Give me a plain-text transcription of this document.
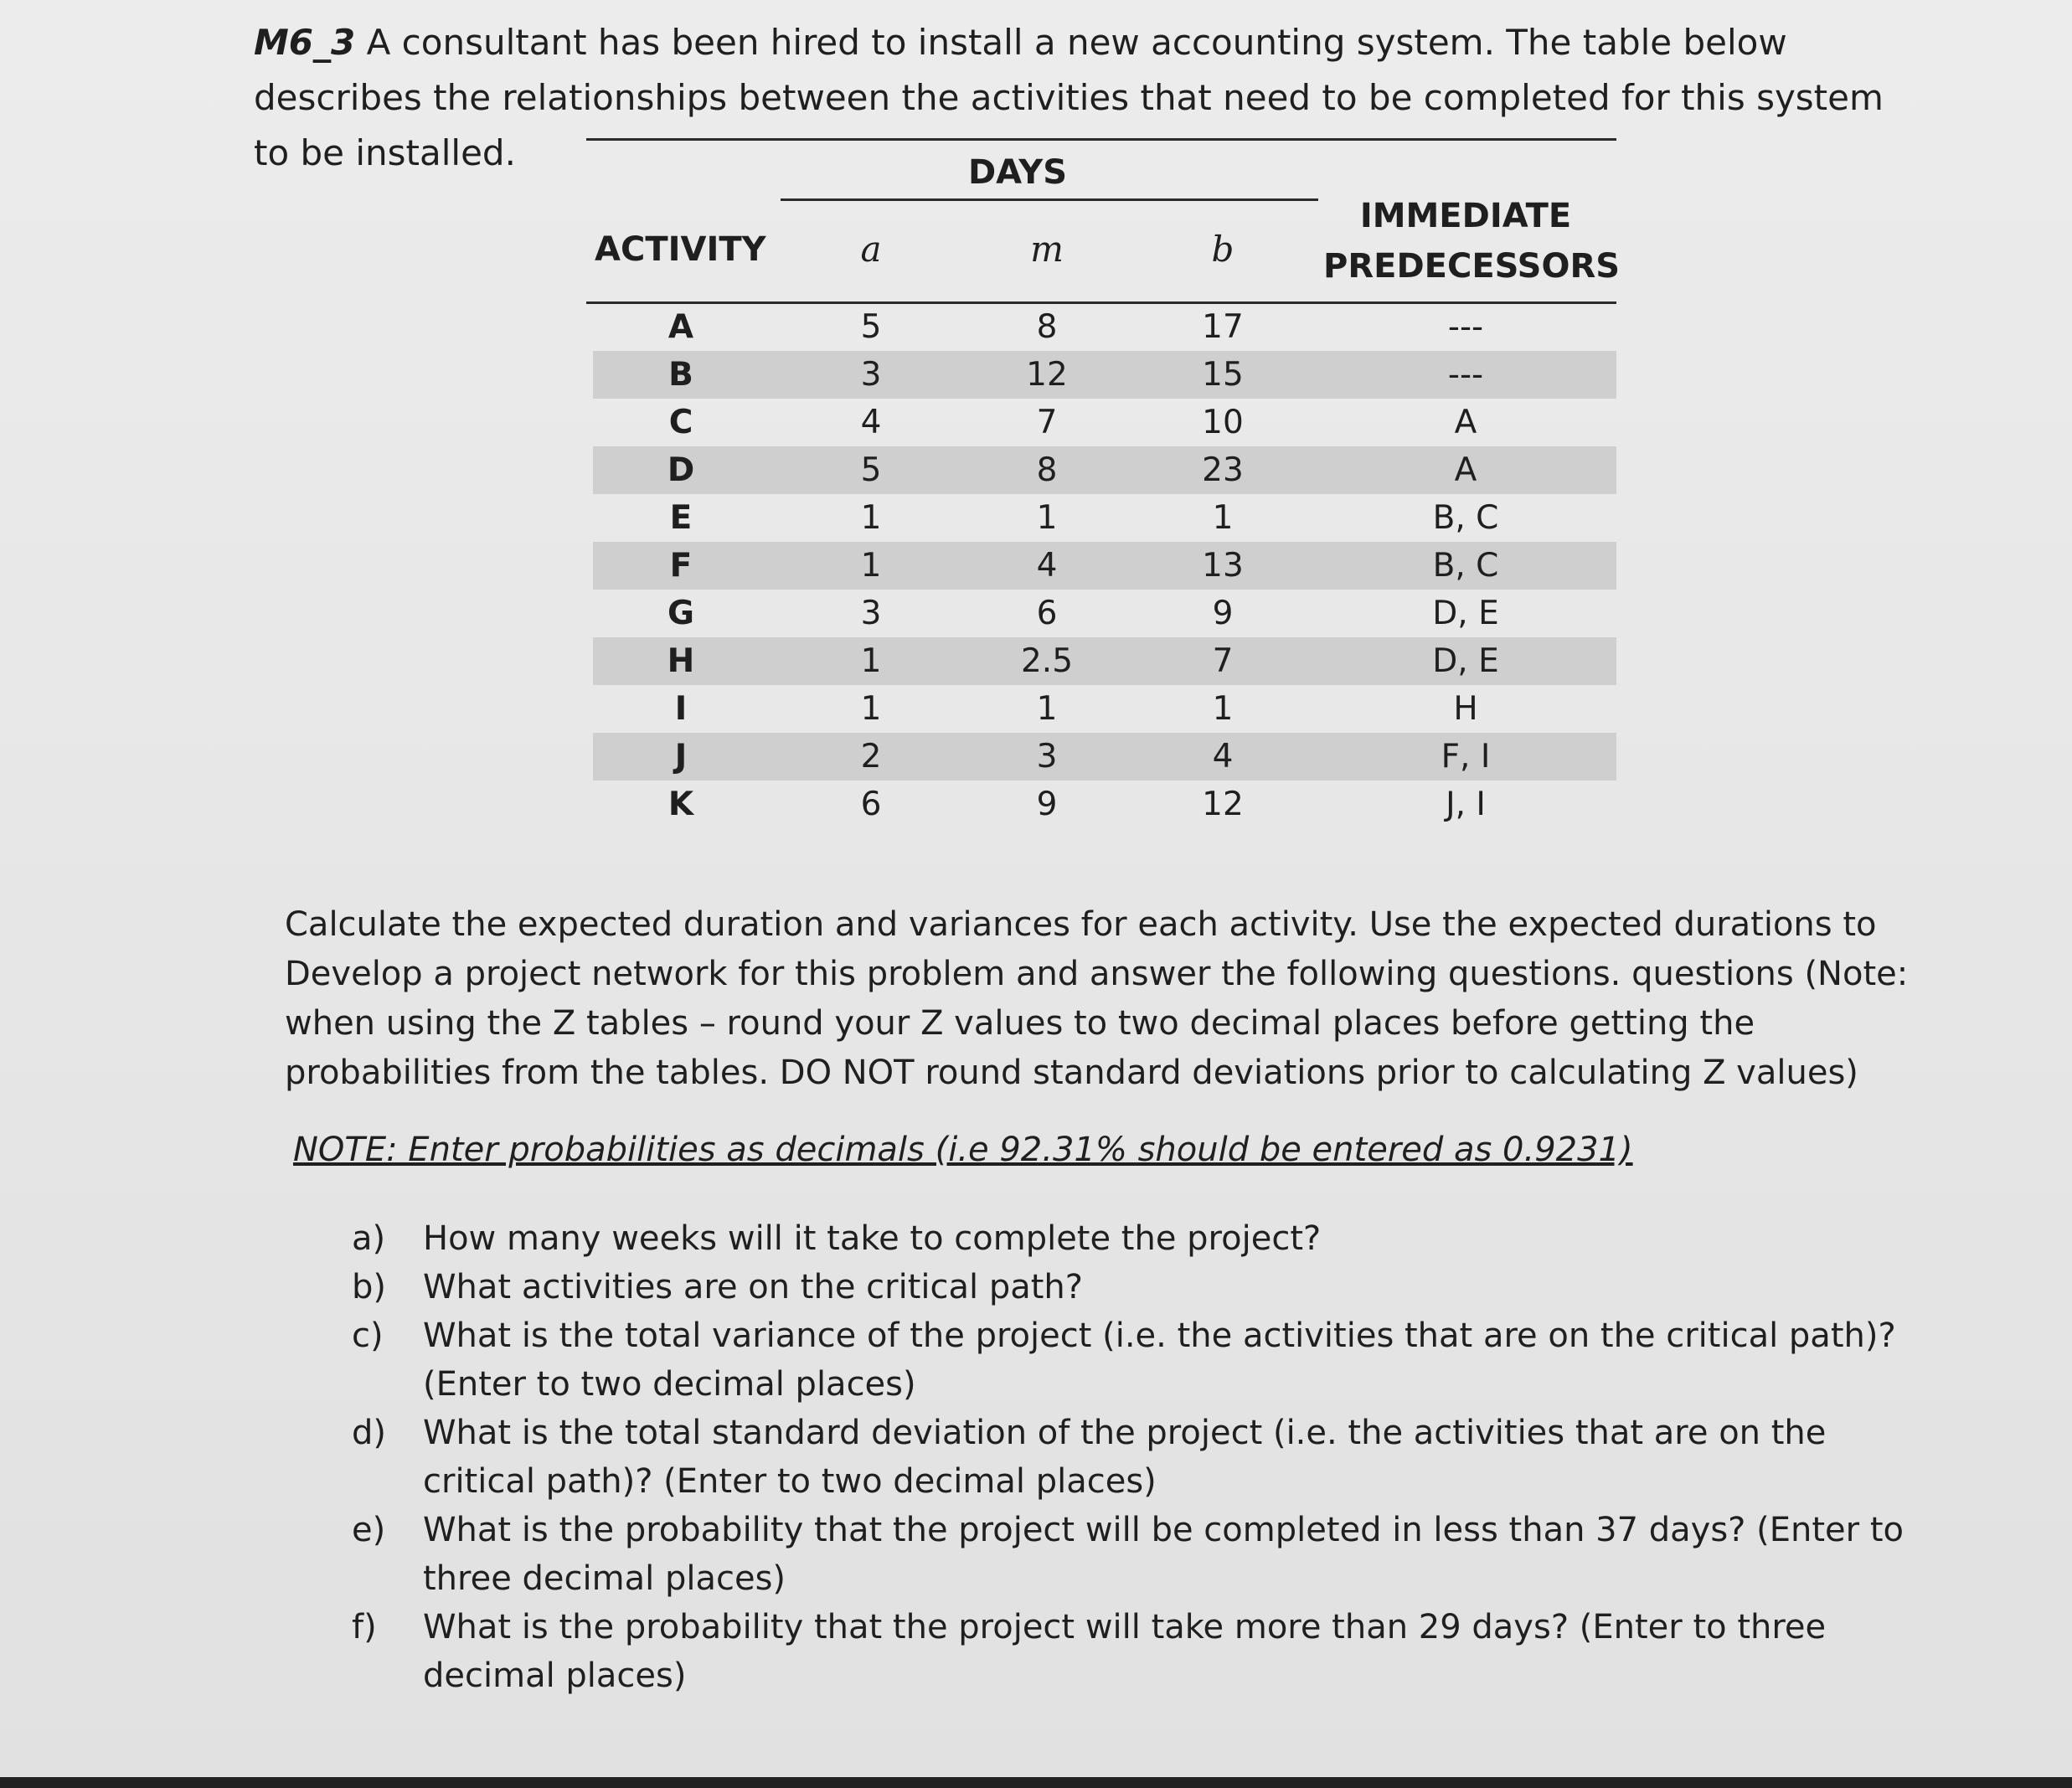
M6_3 A consultant has been hired to install a new accounting system. The table below describes the relationships between the activities that need to be completed for this system to be installed.	DAYS
ACTIVITY	a	m	b
IMMEDIATE
PREDECESSORS
A	5	8	17	---
B	3	12	15	---
C	4	7	10	A
D	5	8	23	A
E	1	1	1	B, C
F	1	4	13	B, C
G	3	6	9	D, E
H	1	2.5	7	D, E
I	1	1	1	H
J	2	3	4	F, I
K	6	9	12	J, I

Calculate the expected duration and variances for each activity. Use the expected durations to Develop a project network for this problem and answer the following questions. questions (Note: when using the Z tables – round your Z values to two decimal places before getting the probabilities from the tables. DO NOT round standard deviations prior to calculating Z values)

NOTE: Enter probabilities as decimals (i.e 92.31% should be entered as 0.9231)

a) How many weeks will it take to complete the project?
b) What activities are on the critical path?
c) What is the total variance of the project (i.e. the activities that are on the critical path)? (Enter to two decimal places)
d) What is the total standard deviation of the project (i.e. the activities that are on the critical path)? (Enter to two decimal places)
e) What is the probability that the project will be completed in less than 37 days? (Enter to three decimal places)
f) What is the probability that the project will take more than 29 days? (Enter to three decimal places)
